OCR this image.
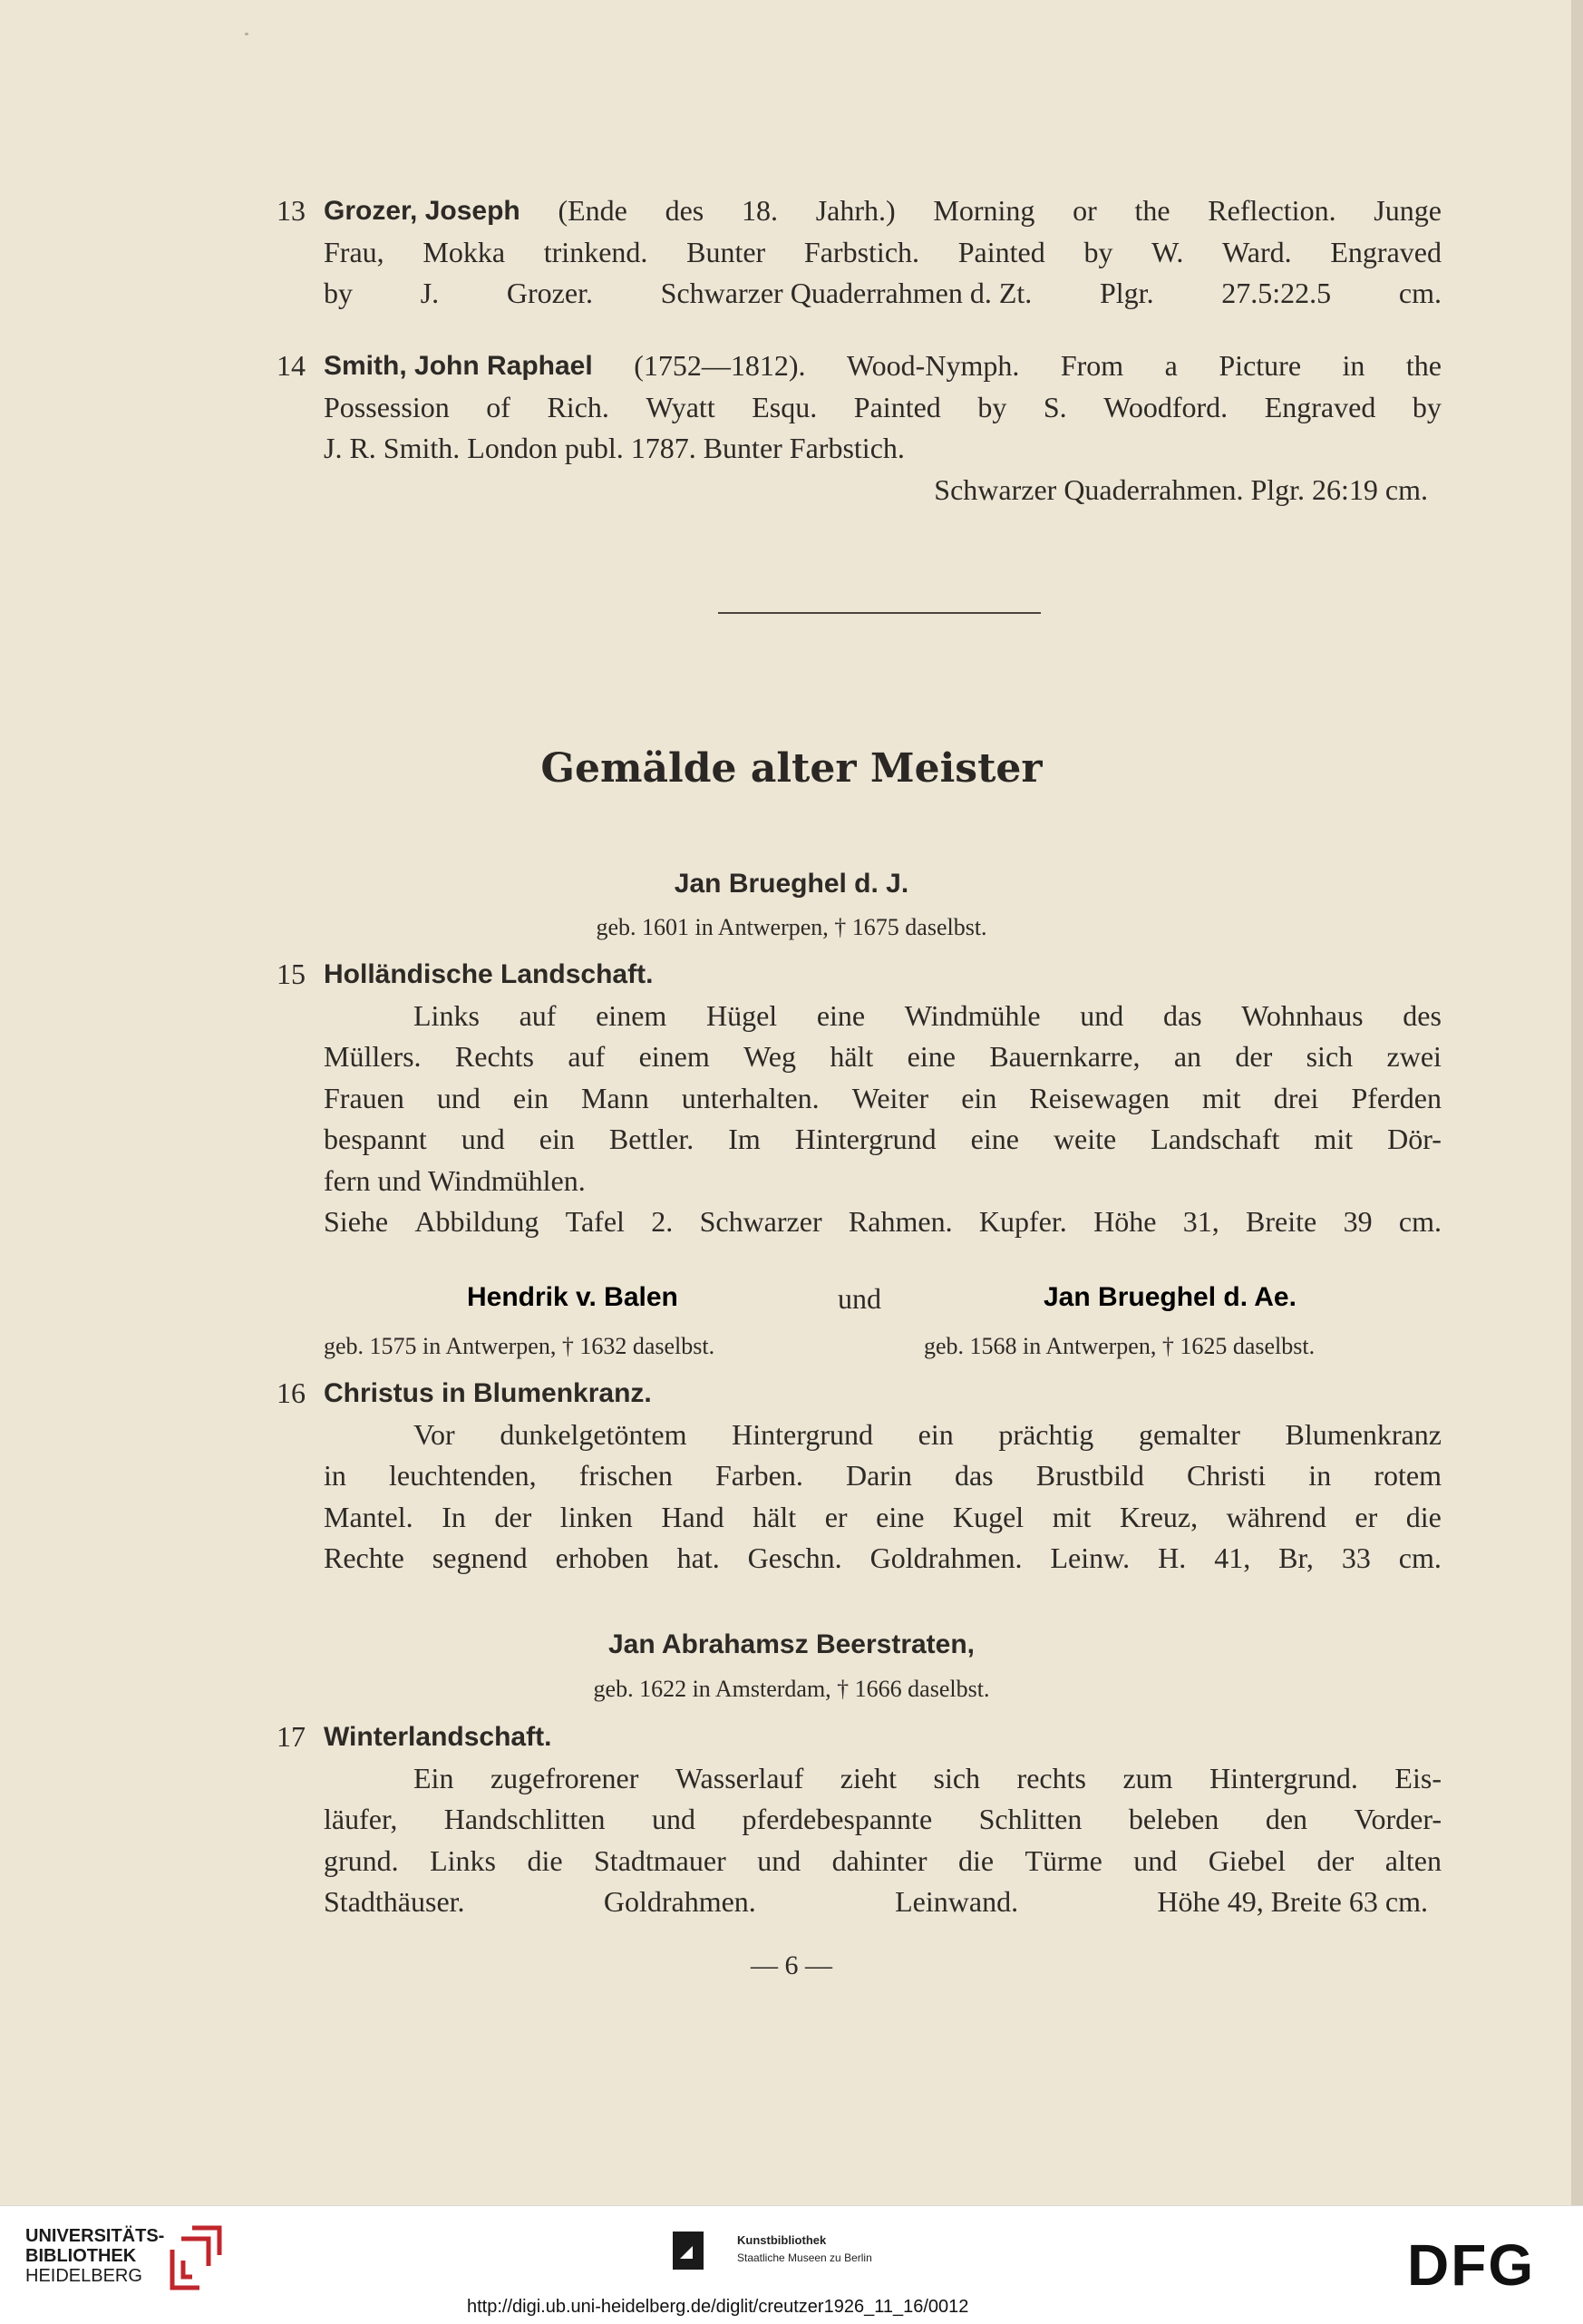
13 Grozer, Joseph (Ende des 18. Jahrh.) Morning or the Reflection. Junge
Frau, Mokka trinkend. Bunter Farbstich. Painted by W. Ward. Engraved
by J. Grozer. Schwarzer Quaderrahmen d. Zt. Plgr. 27.5:22.5 cm.
14 Smith, John Raphael (1752—1812). Wood-Nymph. From a Picture in the
Possession of Rich. Wyatt Esqu. Painted by S. Woodford. Engraved by
J. R. Smith. London publ. 1787. Bunter Farbstich.
Schwarzer Quaderrahmen. Plgr. 26:19 cm.
Gemälde alter Meister
Jan Brueghel d. J.
geb. 1601 in Antwerpen, † 1675 daselbst.
15 Holländische Landschaft.
Links auf einem Hügel eine Windmühle und das Wohnhaus des
Müllers. Rechts auf einem Weg hält eine Bauernkarre, an der sich zwei
Frauen und ein Mann unterhalten. Weiter ein Reisewagen mit drei Pferden
bespannt und ein Bettler. Im Hintergrund eine weite Landschaft mit Dör-
fern und Windmühlen.
Siehe Abbildung Tafel 2. Schwarzer Rahmen. Kupfer. Höhe 31, Breite 39 cm.
Hendrik v. Balen	und	Jan Brueghel d. Ae.
geb. 1575 in Antwerpen, † 1632 daselbst.	geb. 1568 in Antwerpen, † 1625 daselbst.
16 Christus in Blumenkranz.
Vor dunkelgetöntem Hintergrund ein prächtig gemalter Blumenkranz
in leuchtenden, frischen Farben. Darin das Brustbild Christi in rotem
Mantel. In der linken Hand hält er eine Kugel mit Kreuz, während er die
Rechte segnend erhoben hat. Geschn. Goldrahmen. Leinw. H. 41, Br, 33 cm.
Jan Abrahamsz Beerstraten,
geb. 1622 in Amsterdam, † 1666 daselbst.
17 Winterlandschaft.
Ein zugefrorener Wasserlauf zieht sich rechts zum Hintergrund. Eis-
läufer, Handschlitten und pferdebespannte Schlitten beleben den Vorder-
grund. Links die Stadtmauer und dahinter die Türme und Giebel der alten
Stadthäuser.	Goldrahmen.	Leinwand.	Höhe 49, Breite 63 cm.
— 6 —
UNIVERSITÄTS-
BIBLIOTHEK
HEIDELBERG
Kunstbibliothek
Staatliche Museen zu Berlin	DFG
http://digi.ub.uni-heidelberg.de/diglit/creutzer1926_11_16/0012
